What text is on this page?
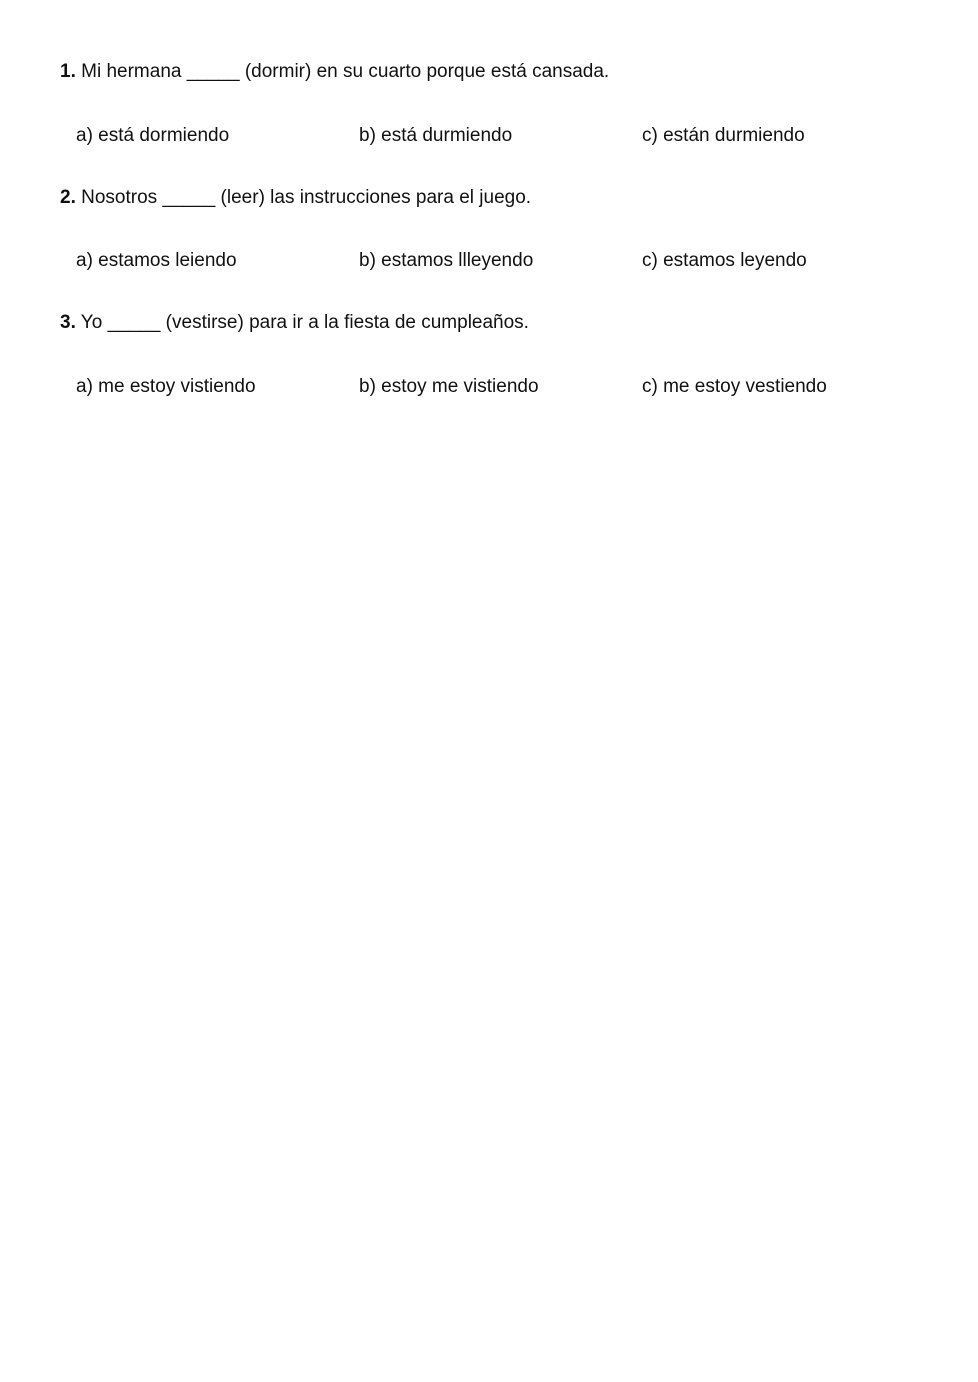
1. Mi hermana _____ (dormir) en su cuarto porque está cansada.
a) está dormiendo	b) está durmiendo	c) están durmiendo
2. Nosotros _____ (leer) las instrucciones para el juego.
a) estamos leiendo	b) estamos llleyendo	c) estamos leyendo
3. Yo _____ (vestirse) para ir a la fiesta de cumpleaños.
a) me estoy vistiendo	b) estoy me vistiendo	c) me estoy vestiendo
